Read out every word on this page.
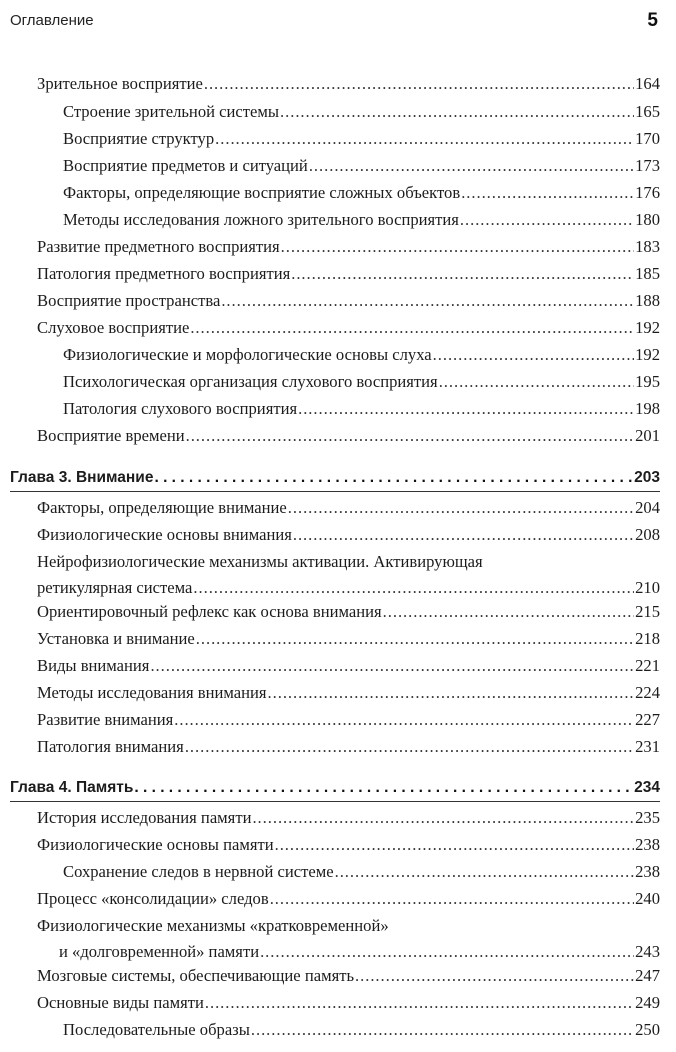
Оглавление	5
Зрительное восприятие . . .	164
Строение зрительной системы . . .	165
Восприятие структур . . .	170
Восприятие предметов и ситуаций . . .	173
Факторы, определяющие восприятие сложных объектов . . .	176
Методы исследования ложного зрительного восприятия . . .	180
Развитие предметного восприятия . . .	183
Патология предметного восприятия . . .	185
Восприятие пространства . . .	188
Слуховое восприятие . . .	192
Физиологические и морфологические основы слуха . . .	192
Психологическая организация слухового восприятия . . .	195
Патология слухового восприятия . . .	198
Восприятие времени . . .	201
Глава 3. Внимание . . .	203
Факторы, определяющие внимание . . .	204
Физиологические основы внимания . . .	208
Нейрофизиологические механизмы активации. Активирующая
ретикулярная система . . .	210
Ориентировочный рефлекс как основа внимания . . .	215
Установка и внимание . . .	218
Виды внимания . . .	221
Методы исследования внимания . . .	224
Развитие внимания . . .	227
Патология внимания . . .	231
Глава 4. Память . . .	234
История исследования памяти . . .	235
Физиологические основы памяти . . .	238
Сохранение следов в нервной системе . . .	238
Процесс «консолидации» следов . . .	240
Физиологические механизмы «кратковременной»
и «долговременной» памяти . . .	243
Мозговые системы, обеспечивающие память . . .	247
Основные виды памяти . . .	249
Последовательные образы . . .	250
